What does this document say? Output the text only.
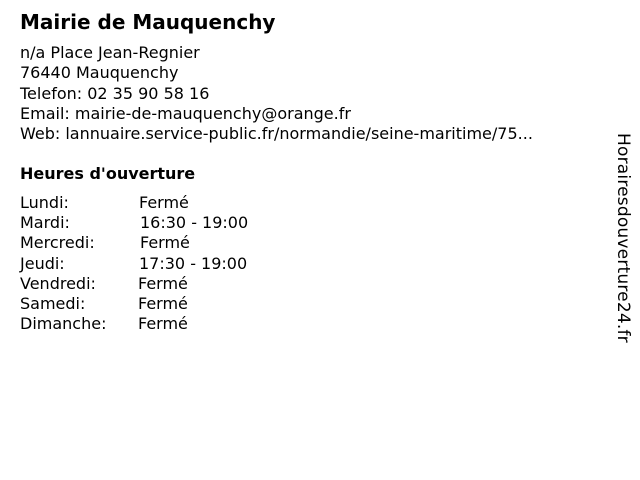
Mairie de Mauquenchy
n/a Place Jean-Regnier
76440 Mauquenchy
Telefon: 02 35 90 58 16
Email: mairie-de-mauquenchy@orange.fr
Web: lannuaire.service-public.fr/normandie/seine-maritime/75...
Heures d'ouverture
Lundi:	Fermé
Mardi:	16:30 - 19:00
Mercredi:	Fermé
Jeudi:	17:30 - 19:00
Vendredi:	Fermé
Samedi:	Fermé
Dimanche: Fermé	Horairesdouverture24.fr
